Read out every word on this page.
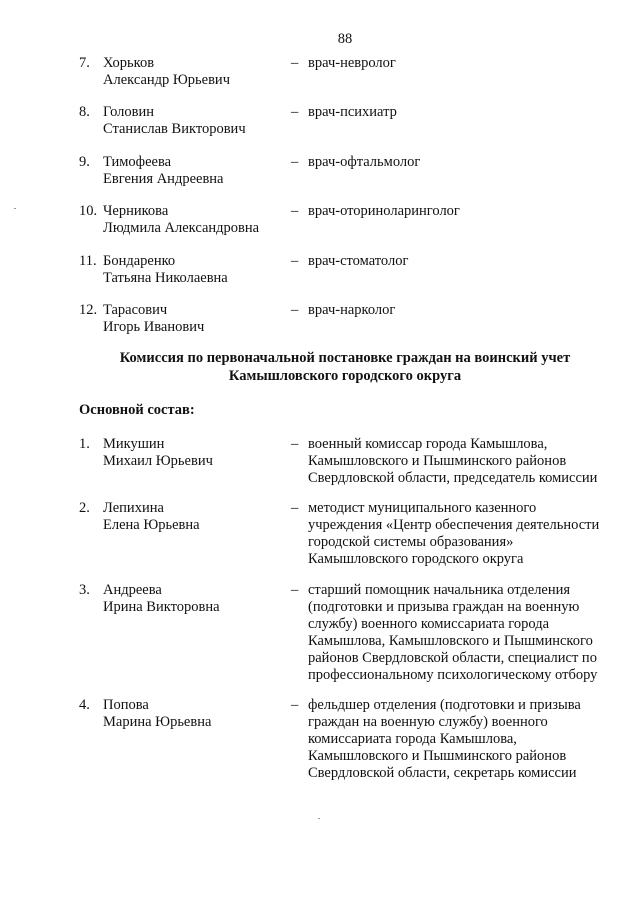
88
7. Хорьков
Александр Юрьевич
– врач-невролог
8. Головин
Станислав Викторович
– врач-психиатр
9. Тимофеева
Евгения Андреевна
– врач-офтальмолог
10. Черникова
Людмила Александровна
– врач-оториноларинголог
11. Бондаренко
Татьяна Николаевна
– врач-стоматолог
12. Тарасович
Игорь Иванович
– врач-нарколог
Комиссия по первоначальной постановке граждан на воинский учет
Камышловского городского округа
Основной состав:
1. Микушин
Михаил Юрьевич
– военный комиссар города Камышлова,
Камышловского и Пышминского районов
Свердловской области, председатель комиссии
2. Лепихина
Елена Юрьевна
– методист муниципального казенного
учреждения «Центр обеспечения деятельности
городской системы образования»
Камышловского городского округа
3. Андреева
Ирина Викторовна
– старший помощник начальника отделения
(подготовки и призыва граждан на военную
службу) военного комиссариата города
Камышлова, Камышловского и Пышминского
районов Свердловской области, специалист по
профессиональному психологическому отбору
4. Попова
Марина Юрьевна
– фельдшер отделения (подготовки и призыва
граждан на военную службу) военного
комиссариата города Камышлова,
Камышловского и Пышминского районов
Свердловской области, секретарь комиссии
